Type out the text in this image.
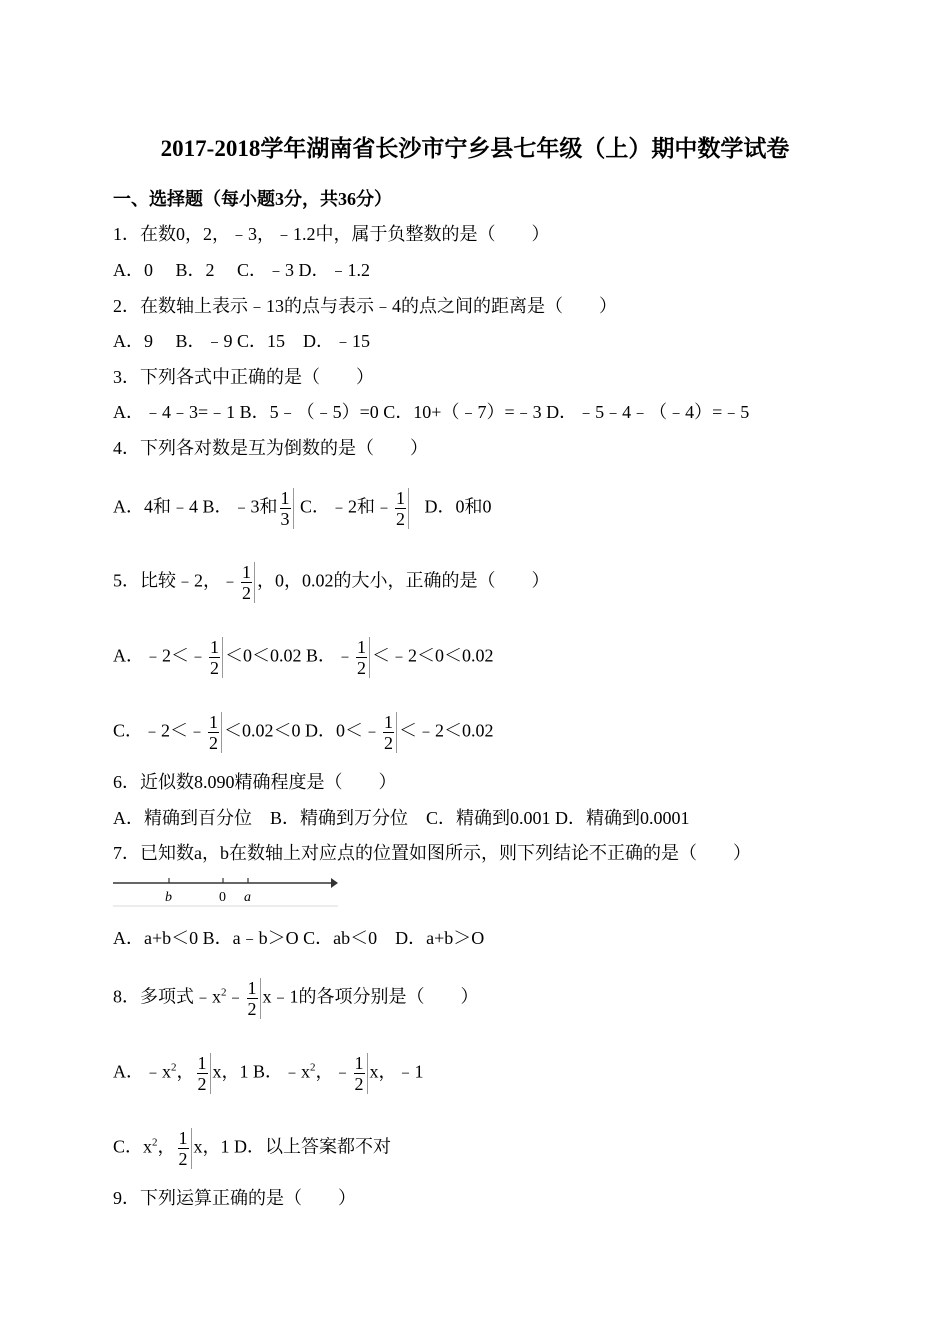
2017-2018学年湖南省长沙市宁乡县七年级（上）期中数学试卷
一、选择题（每小题3分，共36分）
1．在数0，2，﹣3，﹣1.2中，属于负整数的是（　　）
A．0　 B．2　 C．﹣3 D．﹣1.2
2．在数轴上表示﹣13的点与表示﹣4的点之间的距离是（　　）
A．9　 B．﹣9 C．15　D．﹣15
3．下列各式中正确的是（　　）
A．﹣4﹣3=﹣1 B．5﹣（﹣5）=0 C．10+（﹣7）=﹣3 D．﹣5﹣4﹣（﹣4）=﹣5
4．下列各对数是互为倒数的是（　　）
A．4和﹣4 B．﹣3和 $\frac{1}{3}$ C．﹣2和﹣ $\frac{1}{2}$ D．0和0
5．比较﹣2，﹣ $\frac{1}{2}$ ，0，0.02的大小，正确的是（　　）
A．﹣2＜﹣ $\frac{1}{2} <0<0.02$ B．﹣ $\frac{1}{2}$ ＜﹣2＜0＜0.02
C．﹣2＜﹣ $\frac{1}{2} <0.02<0$ D．0＜﹣ $\frac{1}{2}$ ＜﹣2＜0.02
6．近似数8.090精确程度是（　　）
A．精确到百分位　B．精确到万分位　C．精确到0.001 D．精确到0.0001
7．已知数a，b在数轴上对应点的位置如图所示，则下列结论不正确的是（　　）
b	0 a
A．a+b＜0 B．a﹣b＞O C．ab＜0　D．a+b＞O
8．多项式$﹣x^2﹣ \frac{1}{2}$ x﹣1的各项分别是（　　）
A．$﹣x^2$， $\frac{1}{2}$ x，1 B．$﹣x^2$，﹣ $\frac{1}{2}$ x，﹣1
C．$x^2$， $\frac{1}{2}$ x，1 D．以上答案都不对
9．下列运算正确的是（　　）
